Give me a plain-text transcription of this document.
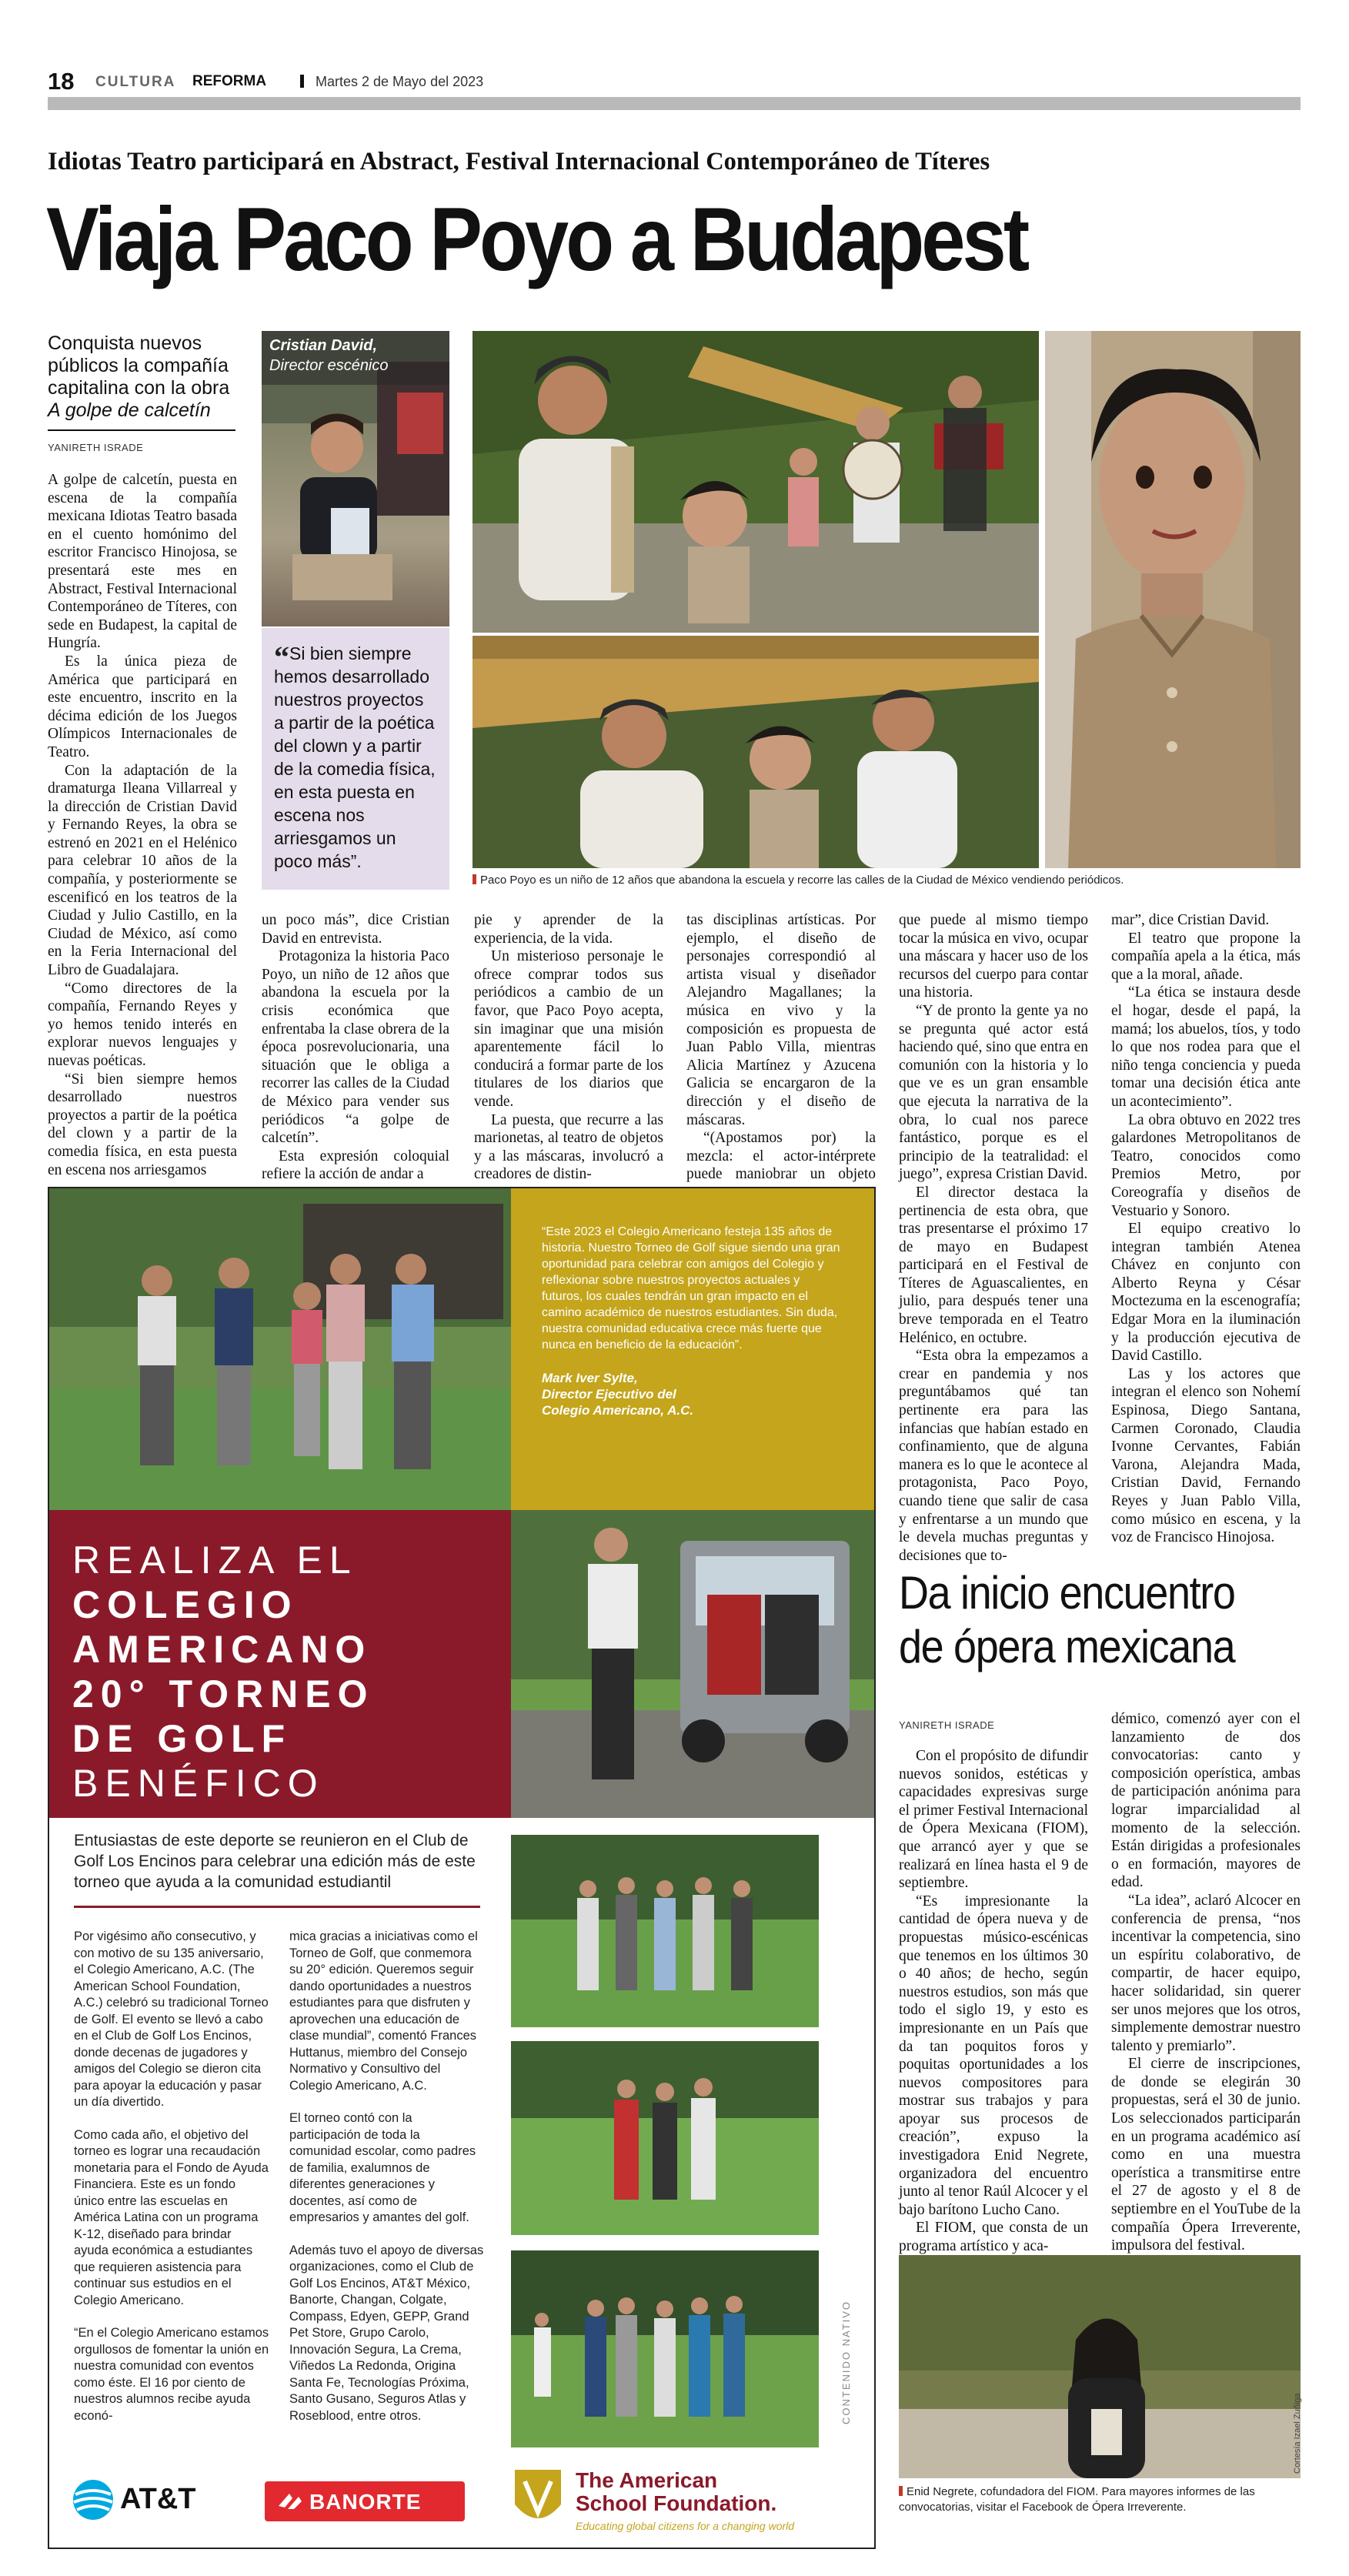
18 CULTURA REFORMA	Martes 2 de Mayo del 2023
Idiotas Teatro participará en Abstract, Festival Internacional Contemporáneo de Títeres
Viaja Paco Poyo a Budapest
Conquista nuevos públicos la compañía capitalina con la obra
A golpe de calcetín
YANIRETH ISRADE

A golpe de calcetín, puesta en escena de la compañía mexicana Idiotas Teatro basada en el cuento homónimo del escritor Francisco Hinojosa, se presentará este mes en Abstract, Festival Internacional Contemporáneo de Títeres, con sede en Budapest, la capital de Hungría.

Es la única pieza de América que participará en este encuentro, inscrito en la décima edición de los Juegos Olímpicos Internacionales de Teatro.

Con la adaptación de la dramaturga Ileana Villarreal y la dirección de Cristian David y Fernando Reyes, la obra se estrenó en 2021 en el Helénico para celebrar 10 años de la compañía, y posteriormente se escenificó en los teatros de la Ciudad y Julio Castillo, en la Ciudad de México, así como en la Feria Internacional del Libro de Guadalajara.

“Como directores de la compañía, Fernando Reyes y yo hemos tenido interés en explorar nuevos lenguajes y nuevas poéticas.

“Si bien siempre hemos desarrollado nuestros proyectos a partir de la poética del clown y a partir de la comedia física, en esta puesta en escena nos arriesgamos

Cristian David,
Director escénico
“Si bien siempre hemos desarrollado nuestros proyectos a partir de la poética del clown y a partir de la comedia física, en esta puesta en escena nos arriesgamos un poco más”.
Paco Poyo es un niño de 12 años que abandona la escuela y recorre las calles de la Ciudad de México vendiendo periódicos.

un poco más”, dice Cristian David en entrevista.

Protagoniza la historia Paco Poyo, un niño de 12 años que abandona la escuela por la crisis económica que enfrentaba la clase obrera de la época posrevolucionaria, una situación que le obliga a recorrer las calles de la Ciudad de México para vender sus periódicos “a golpe de calcetín”.

Esta expresión coloquial refiere la acción de andar a

pie y aprender de la experiencia, de la vida.

Un misterioso personaje le ofrece comprar todos sus periódicos a cambio de un favor, que Paco Poyo acepta, sin imaginar que una misión aparentemente fácil lo conducirá a formar parte de los titulares de los diarios que vende.

La puesta, que recurre a las marionetas, al teatro de objetos y a las máscaras, involucró a creadores de distin-

tas disciplinas artísticas. Por ejemplo, el diseño de personajes correspondió al artista visual y diseñador Alejandro Magallanes; la música en vivo y la composición es propuesta de Juan Pablo Villa, mientras Alicia Martínez y Azucena Galicia se encargaron de la dirección y el diseño de máscaras.

“(Apostamos por) la mezcla: el actor-intérprete puede maniobrar un objeto

que puede al mismo tiempo tocar la música en vivo, ocupar una máscara y hacer uso de los recursos del cuerpo para contar una historia.

“Y de pronto la gente ya no se pregunta qué actor está haciendo qué, sino que entra en comunión con la historia y lo que ve es un gran ensamble que ejecuta la narrativa de la obra, lo cual nos parece fantástico, porque es el principio de la teatralidad: el juego”, expresa Cristian David.

El director destaca la pertinencia de esta obra, que tras presentarse el próximo 17 de mayo en Budapest participará en el Festival de Títeres de Aguascalientes, en julio, para después tener una breve temporada en el Teatro Helénico, en octubre.

“Esta obra la empezamos a crear en pandemia y nos preguntábamos qué tan pertinente era para las infancias que habían estado en confinamiento, que de alguna manera es lo que le acontece al protagonista, Paco Poyo, cuando tiene que salir de casa y enfrentarse a un mundo que le devela muchas preguntas y decisiones que to-

mar”, dice Cristian David.

El teatro que propone la compañía apela a la ética, más que a la moral, añade.

“La ética se instaura desde el hogar, desde el papá, la mamá; los abuelos, tíos, y todo lo que nos rodea para que el niño tenga conciencia y pueda tomar una decisión ética ante un acontecimiento”.

La obra obtuvo en 2022 tres galardones Metropolitanos de Teatro, conocidos como Premios Metro, por Coreografía y diseños de Vestuario y Sonoro.

El equipo creativo lo integran también Atenea Chávez en conjunto con Alberto Reyna y César Moctezuma en la escenografía; Edgar Mora en la iluminación y la producción ejecutiva de David Castillo.

Las y los actores que integran el elenco son Nohemí Espinosa, Diego Santana, Carmen Coronado, Claudia Ivonne Cervantes, Fabián Varona, Alejandra Mada, Cristian David, Fernando Reyes y Juan Pablo Villa, como músico en escena, y la voz de Francisco Hinojosa.

Da inicio encuentro
de ópera mexicana
YANIRETH ISRADE

Con el propósito de difundir nuevos sonidos, estéticas y capacidades expresivas surge el primer Festival Internacional de Ópera Mexicana (FIOM), que arrancó ayer y que se realizará en línea hasta el 9 de septiembre.

“Es impresionante la cantidad de ópera nueva y de propuestas músico-escénicas que tenemos en los últimos 30 o 40 años; de hecho, según nuestros estudios, son más que todo el siglo 19, y esto es impresionante en un País que da tan poquitos foros y poquitas oportunidades a los nuevos compositores para mostrar sus trabajos y para apoyar sus procesos de creación”, expuso la investigadora Enid Negrete, organizadora del encuentro junto al tenor Raúl Alcocer y el bajo barítono Lucho Cano.

El FIOM, que consta de un programa artístico y aca-

démico, comenzó ayer con el lanzamiento de dos convocatorias: canto y composición operística, ambas de participación anónima para lograr imparcialidad al momento de la selección. Están dirigidas a profesionales o en formación, mayores de edad.

“La idea”, aclaró Alcocer en conferencia de prensa, “nos incentivar la competencia, sino un espíritu colaborativo, de compartir, de hacer equipo, hacer solidaridad, sin querer ser unos mejores que los otros, simplemente demostrar nuestro talento y premiarlo”.

El cierre de inscripciones, de donde se elegirán 30 propuestas, será el 30 de junio. Los seleccionados participarán en un programa académico así como en una muestra operística a transmitirse entre el 27 de agosto y el 8 de septiembre en el YouTube de la compañía Ópera Irreverente, impulsora del festival.

Cortesía Izael Zuñiga
Enid Negrete, cofundadora del FIOM. Para mayores informes de las convocatorias, visitar el Facebook de Ópera Irreverente.
“Este 2023 el Colegio Americano festeja 135 años de historia. Nuestro Torneo de Golf sigue siendo una gran oportunidad para celebrar con amigos del Colegio y reflexionar sobre nuestros proyectos actuales y futuros, los cuales tendrán un gran impacto en el camino académico de nuestros estudiantes. Sin duda, nuestra comunidad educativa crece más fuerte que nunca en beneficio de la educación”.
Mark Iver Sylte,
Director Ejecutivo del
Colegio Americano, A.C.
REALIZA EL
COLEGIO
AMERICANO
20° TORNEO
DE GOLF
BENÉFICO
Entusiastas de este deporte se reunieron en el Club de Golf Los Encinos para celebrar una edición más de este torneo que ayuda a la comunidad estudiantil

Por vigésimo año consecutivo, y con motivo de su 135 aniversario, el Colegio Americano, A.C. (The American School Foundation, A.C.) celebró su tradicional Torneo de Golf. El evento se llevó a cabo en el Club de Golf Los Encinos, donde decenas de jugadores y amigos del Colegio se dieron cita para apoyar la educación y pasar un día divertido.

Como cada año, el objetivo del torneo es lograr una recaudación monetaria para el Fondo de Ayuda Financiera. Este es un fondo único entre las escuelas en América Latina con un programa K-12, diseñado para brindar ayuda económica a estudiantes que requieren asistencia para continuar sus estudios en el Colegio Americano.

“En el Colegio Americano estamos orgullosos de fomentar la unión en nuestra comunidad con eventos como éste. El 16 por ciento de nuestros alumnos recibe ayuda econó-

mica gracias a iniciativas como el Torneo de Golf, que conmemora su 20° edición. Queremos seguir dando oportunidades a nuestros estudiantes para que disfruten y aprovechen una educación de clase mundial”, comentó Frances Huttanus, miembro del Consejo Normativo y Consultivo del Colegio Americano, A.C.

El torneo contó con la participación de toda la comunidad escolar, como padres de familia, exalumnos de diferentes generaciones y docentes, así como de empresarios y amantes del golf.

Además tuvo el apoyo de diversas organizaciones, como el Club de Golf Los Encinos, AT&T México, Banorte, Changan, Colgate, Compass, Edyen, GEPP, Grand Pet Store, Grupo Carolo, Innovación Segura, La Crema, Viñedos La Redonda, Origina Santa Fe, Tecnologías Próxima, Santo Gusano, Seguros Atlas y Roseblood, entre otros.	CONTENIDO NATIVO
AT&T	BANORTE
The American
School Foundation.
Educating global citizens for a changing world
